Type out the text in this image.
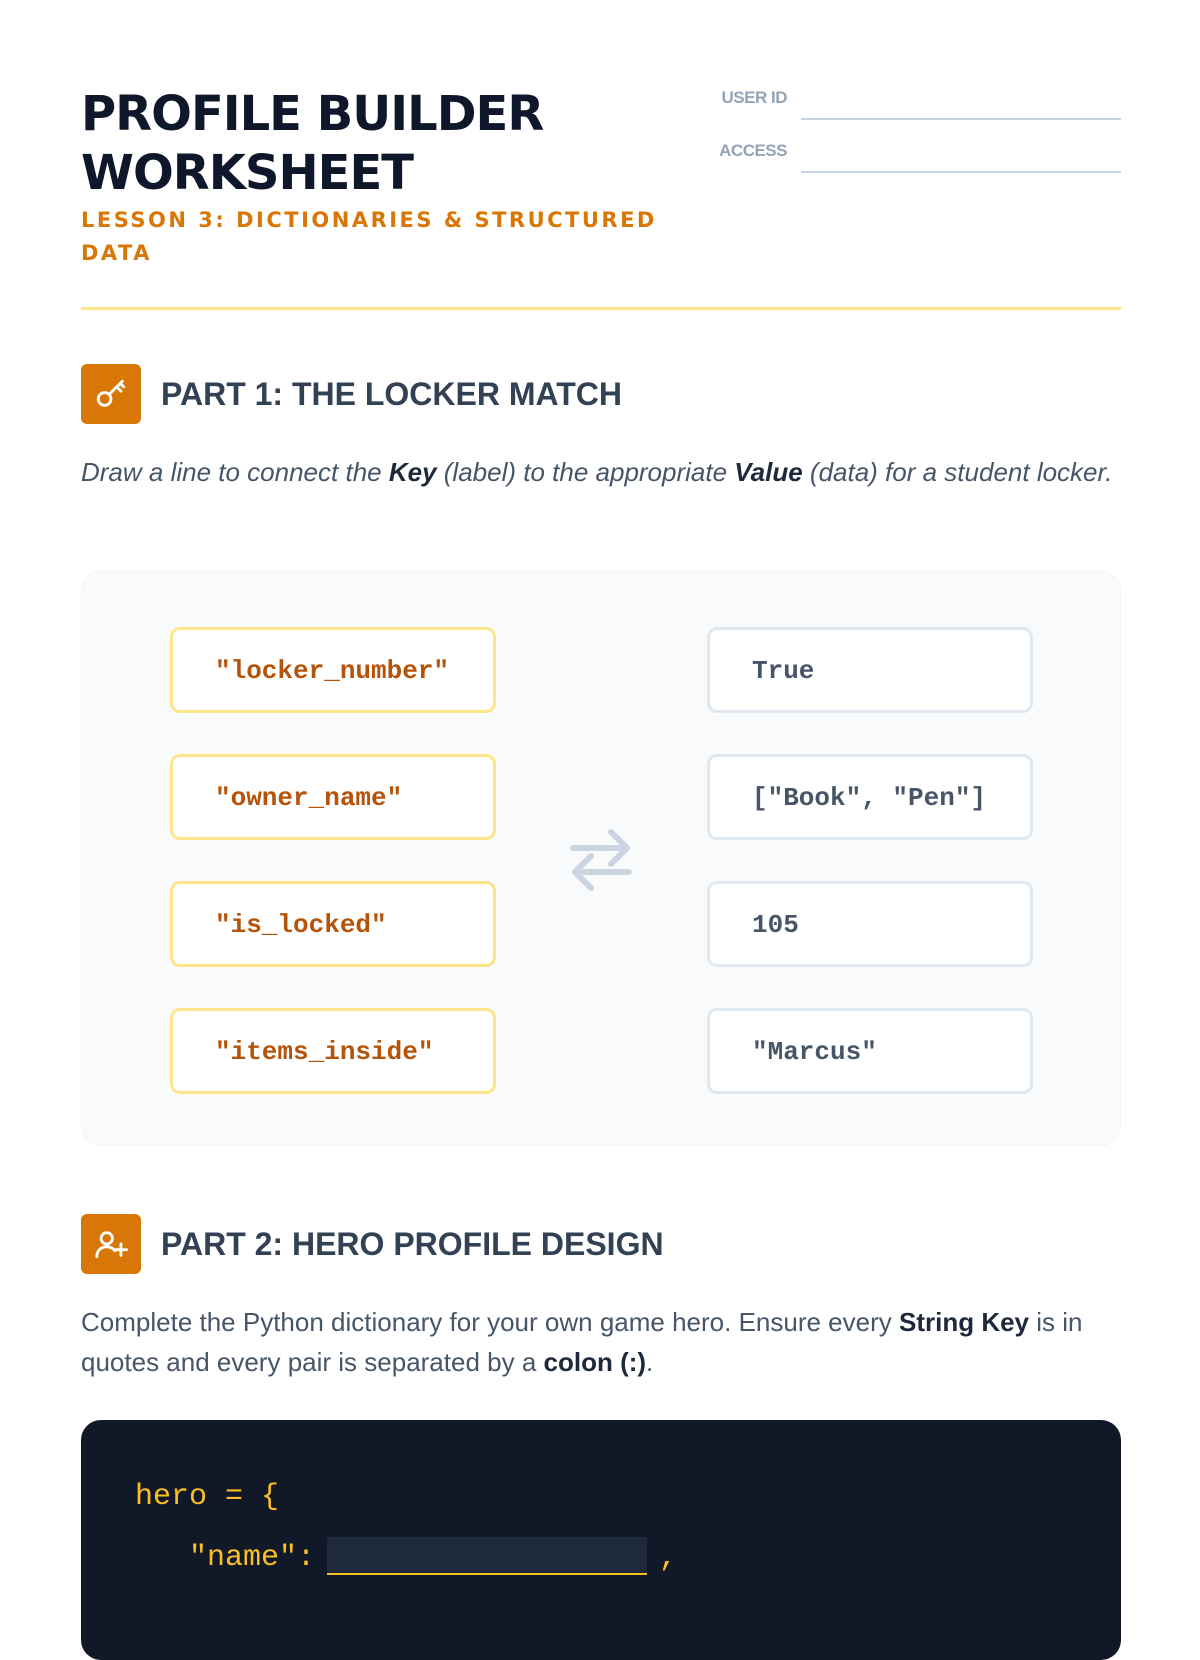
PROFILE BUILDER WORKSHEET
LESSON 3: DICTIONARIES & STRUCTURED DATA
USER ID
ACCESS
PART 1: THE LOCKER MATCH

Draw a line to connect the Key (label) to the appropriate Value (data) for a student locker.

"locker_number"
"owner_name"
"is_locked"
"items_inside"
True
["Book", "Pen"]
105
"Marcus"
PART 2: HERO PROFILE DESIGN

Complete the Python dictionary for your own game hero. Ensure every String Key is in quotes and every pair is separated by a colon (:).

hero = {
"name":	,
